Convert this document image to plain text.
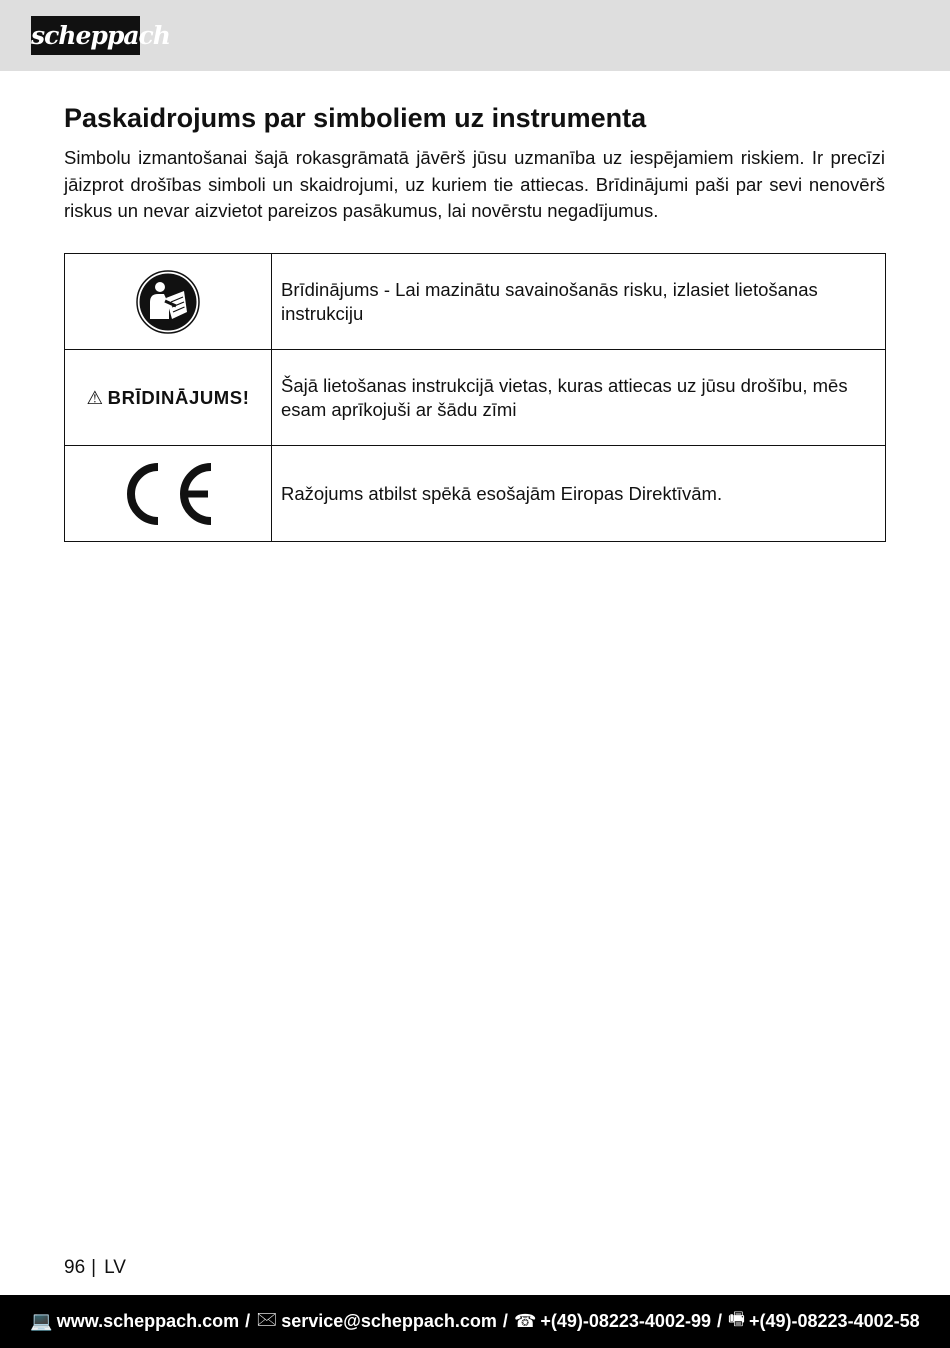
scheppach
Paskaidrojums par simboliem uz instrumenta

Simbolu izmantošanai šajā rokasgrāmatā jāvērš jūsu uzmanība uz iespējamiem riskiem. Ir precīzi jāizprot drošības simboli un skaidrojumi, uz kuriem tie attiecas. Brīdinājumi paši par sevi nenovērš riskus un nevar aizvietot pareizos pasākumus, lai novērstu negadījumus.

	Brīdinājums - Lai mazinātu savainošanās risku, izlasiet lietošanas instrukciju
⚠ BRĪDINĀJUMS!	Šajā lietošanas instrukcijā vietas, kuras attiecas uz jūsu drošību, mēs esam aprīkojuši ar šādu zīmi
	Ražojums atbilst spēkā esošajām Eiropas Direktīvām.
96 | LV
💻 www.scheppach.com / 🖂 service@scheppach.com / ☎ +(49)-08223-4002-99 / 🖷 +(49)-08223-4002-58
